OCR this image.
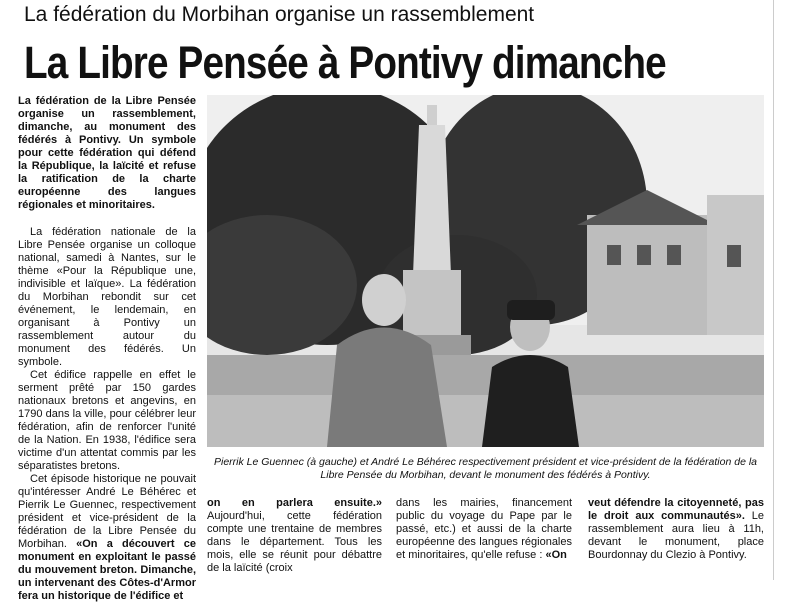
La fédération du Morbihan organise un rassemblement
La Libre Pensée à Pontivy dimanche

La fédération de la Libre Pensée organise un rassemblement, dimanche, au monument des fédérés à Pontivy. Un symbole pour cette fédération qui défend la République, la laïcité et refuse la ratification de la charte européenne des langues régionales et minoritaires.

La fédération nationale de la Libre Pensée organise un colloque national, samedi à Nantes, sur le thème «Pour la République une, indivisible et laïque». La fédération du Morbihan rebondit sur cet événement, le lendemain, en organisant à Pontivy un rassemblement autour du monument des fédérés. Un symbole.

Cet édifice rappelle en effet le serment prêté par 150 gardes nationaux bretons et angevins, en 1790 dans la ville, pour célébrer leur fédération, afin de renforcer l'unité de la Nation. En 1938, l'édifice sera victime d'un attentat commis par les séparatistes bretons.

Cet épisode historique ne pouvait qu'intéresser André Le Béhérec et Pierrik Le Guennec, respectivement président et vice-président de la fédération de la Libre Pensée du Morbihan. «On a découvert ce monument en exploitant le passé du mouvement breton. Dimanche, un intervenant des Côtes-d'Armor fera un historique de l'édifice et

Pierrik Le Guennec (à gauche) et André Le Béhérec respectivement président et vice-président de la fédération de la Libre Pensée du Morbihan, devant le monument des fédérés à Pontivy.
on en parlera ensuite.» Aujourd'hui, cette fédération compte une trentaine de membres dans le département. Tous les mois, elle se réunit pour débattre de la laïcité (croix
dans les mairies, financement public du voyage du Pape par le passé, etc.) et aussi de la charte européenne des langues régionales et minoritaires, qu'elle refuse : «On
veut défendre la citoyenneté, pas le droit aux communautés». Le rassemblement aura lieu à 11h, devant le monument, place Bourdonnay du Clezio à Pontivy.
